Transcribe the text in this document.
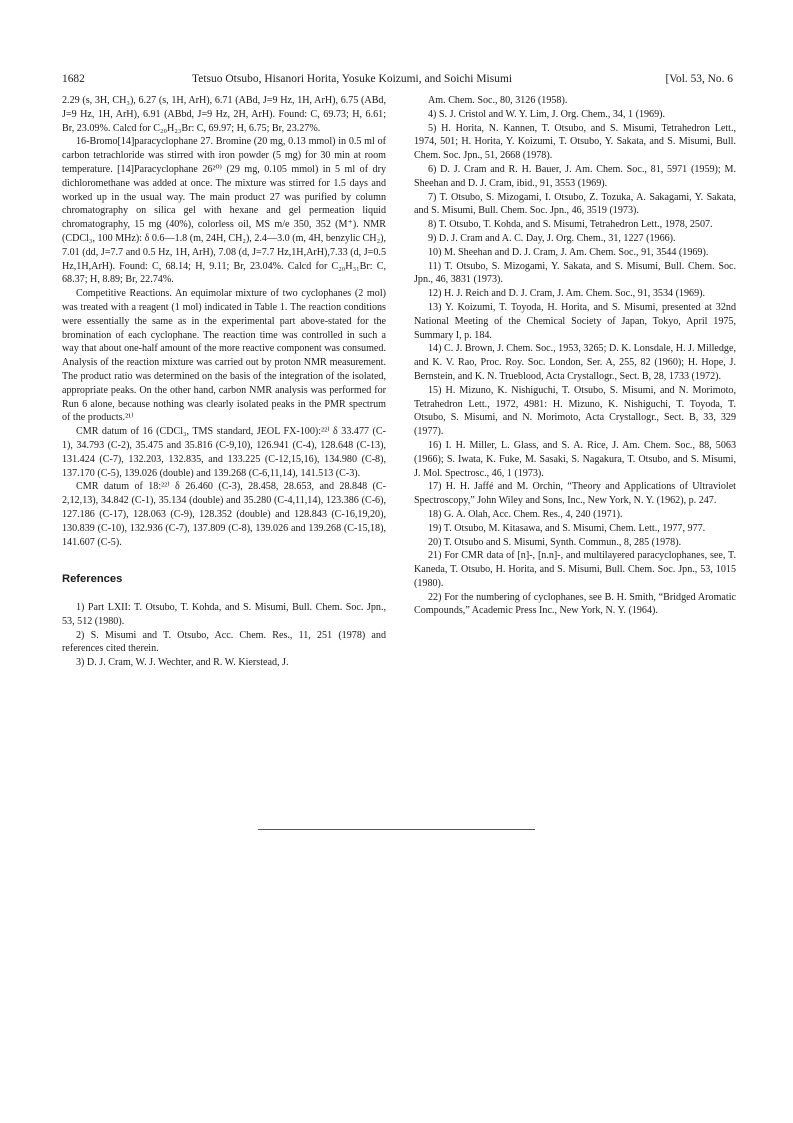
1682	Tetsuo Otsubo, Hisanori Horita, Yosuke Koizumi, and Soichi Misumi	[Vol. 53, No. 6

2.29 (s, 3H, CH₃), 6.27 (s, 1H, ArH), 6.71 (ABd, J=9 Hz, 1H, ArH), 6.75 (ABd, J=9 Hz, 1H, ArH), 6.91 (ABbd, J=9 Hz, 2H, ArH). Found: C, 69.73; H, 6.61; Br, 23.09%. Calcd for C₂₀H₂₃Br: C, 69.97; H, 6.75; Br, 23.27%.

16-Bromo[14]paracyclophane 27. Bromine (20 mg, 0.13 mmol) in 0.5 ml of carbon tetrachloride was stirred with iron powder (5 mg) for 30 min at room temperature. [14]Paracyclophane 26²⁰⁾ (29 mg, 0.105 mmol) in 5 ml of dry dichloromethane was added at once. The mixture was stirred for 1.5 days and worked up in the usual way. The main product 27 was purified by column chromatography on silica gel with hexane and gel permeation liquid chromatography, 15 mg (40%), colorless oil, MS m/e 350, 352 (M⁺). NMR (CDCl₃, 100 MHz): δ 0.6—1.8 (m, 24H, CH₂), 2.4—3.0 (m, 4H, benzylic CH₂), 7.01 (dd, J=7.7 and 0.5 Hz, 1H, ArH), 7.08 (d, J=7.7 Hz,1H,ArH),7.33 (d, J=0.5 Hz,1H,ArH). Found: C, 68.14; H, 9.11; Br, 23.04%. Calcd for C₂₀H₃₁Br: C, 68.37; H, 8.89; Br, 22.74%.

Competitive Reactions. An equimolar mixture of two cyclophanes (2 mol) was treated with a reagent (1 mol) indicated in Table 1. The reaction conditions were essentially the same as in the experimental part above-stated for the bromination of each cyclophane. The reaction time was controlled in such a way that about one-half amount of the more reactive component was consumed. Analysis of the reaction mixture was carried out by proton NMR measurement. The product ratio was determined on the basis of the integration of the isolated, appropriate peaks. On the other hand, carbon NMR analysis was performed for Run 6 alone, because nothing was clearly isolated peaks in the PMR spectrum of the products.²¹⁾

CMR datum of 16 (CDCl₃, TMS standard, JEOL FX-100):²²⁾ δ 33.477 (C-1), 34.793 (C-2), 35.475 and 35.816 (C-9,10), 126.941 (C-4), 128.648 (C-13), 131.424 (C-7), 132.203, 132.835, and 133.225 (C-12,15,16), 134.980 (C-8), 137.170 (C-5), 139.026 (double) and 139.268 (C-6,11,14), 141.513 (C-3).

CMR datum of 18:²²⁾ δ 26.460 (C-3), 28.458, 28.653, and 28.848 (C-2,12,13), 34.842 (C-1), 35.134 (double) and 35.280 (C-4,11,14), 123.386 (C-6), 127.186 (C-17), 128.063 (C-9), 128.352 (double) and 128.843 (C-16,19,20), 130.839 (C-10), 132.936 (C-7), 137.809 (C-8), 139.026 and 139.268 (C-15,18), 141.607 (C-5).

References

1) Part LXII: T. Otsubo, T. Kohda, and S. Misumi, Bull. Chem. Soc. Jpn., 53, 512 (1980).

2) S. Misumi and T. Otsubo, Acc. Chem. Res., 11, 251 (1978) and references cited therein.

3) D. J. Cram, W. J. Wechter, and R. W. Kierstead, J.

Am. Chem. Soc., 80, 3126 (1958).

4) S. J. Cristol and W. Y. Lim, J. Org. Chem., 34, 1 (1969).

5) H. Horita, N. Kannen, T. Otsubo, and S. Misumi, Tetrahedron Lett., 1974, 501; H. Horita, Y. Koizumi, T. Otsubo, Y. Sakata, and S. Misumi, Bull. Chem. Soc. Jpn., 51, 2668 (1978).

6) D. J. Cram and R. H. Bauer, J. Am. Chem. Soc., 81, 5971 (1959); M. Sheehan and D. J. Cram, ibid., 91, 3553 (1969).

7) T. Otsubo, S. Mizogami, I. Otsubo, Z. Tozuka, A. Sakagami, Y. Sakata, and S. Misumi, Bull. Chem. Soc. Jpn., 46, 3519 (1973).

8) T. Otsubo, T. Kohda, and S. Misumi, Tetrahedron Lett., 1978, 2507.

9) D. J. Cram and A. C. Day, J. Org. Chem., 31, 1227 (1966).

10) M. Sheehan and D. J. Cram, J. Am. Chem. Soc., 91, 3544 (1969).

11) T. Otsubo, S. Mizogami, Y. Sakata, and S. Misumi, Bull. Chem. Soc. Jpn., 46, 3831 (1973).

12) H. J. Reich and D. J. Cram, J. Am. Chem. Soc., 91, 3534 (1969).

13) Y. Koizumi, T. Toyoda, H. Horita, and S. Misumi, presented at 32nd National Meeting of the Chemical Society of Japan, Tokyo, April 1975, Summary I, p. 184.

14) C. J. Brown, J. Chem. Soc., 1953, 3265; D. K. Lonsdale, H. J. Milledge, and K. V. Rao, Proc. Roy. Soc. London, Ser. A, 255, 82 (1960); H. Hope, J. Bernstein, and K. N. Trueblood, Acta Crystallogr., Sect. B, 28, 1733 (1972).

15) H. Mizuno, K. Nishiguchi, T. Otsubo, S. Misumi, and N. Morimoto, Tetrahedron Lett., 1972, 4981: H. Mizuno, K. Nishiguchi, T. Toyoda, T. Otsubo, S. Misumi, and N. Morimoto, Acta Crystallogr., Sect. B, 33, 329 (1977).

16) I. H. Miller, L. Glass, and S. A. Rice, J. Am. Chem. Soc., 88, 5063 (1966); S. Iwata, K. Fuke, M. Sasaki, S. Nagakura, T. Otsubo, and S. Misumi, J. Mol. Spectrosc., 46, 1 (1973).

17) H. H. Jaffé and M. Orchin, “Theory and Applications of Ultraviolet Spectroscopy,” John Wiley and Sons, Inc., New York, N. Y. (1962), p. 247.

18) G. A. Olah, Acc. Chem. Res., 4, 240 (1971).

19) T. Otsubo, M. Kitasawa, and S. Misumi, Chem. Lett., 1977, 977.

20) T. Otsubo and S. Misumi, Synth. Commun., 8, 285 (1978).

21) For CMR data of [n]-, [n.n]-, and multilayered paracyclophanes, see, T. Kaneda, T. Otsubo, H. Horita, and S. Misumi, Bull. Chem. Soc. Jpn., 53, 1015 (1980).

22) For the numbering of cyclophanes, see B. H. Smith, “Bridged Aromatic Compounds,” Academic Press Inc., New York, N. Y. (1964).
